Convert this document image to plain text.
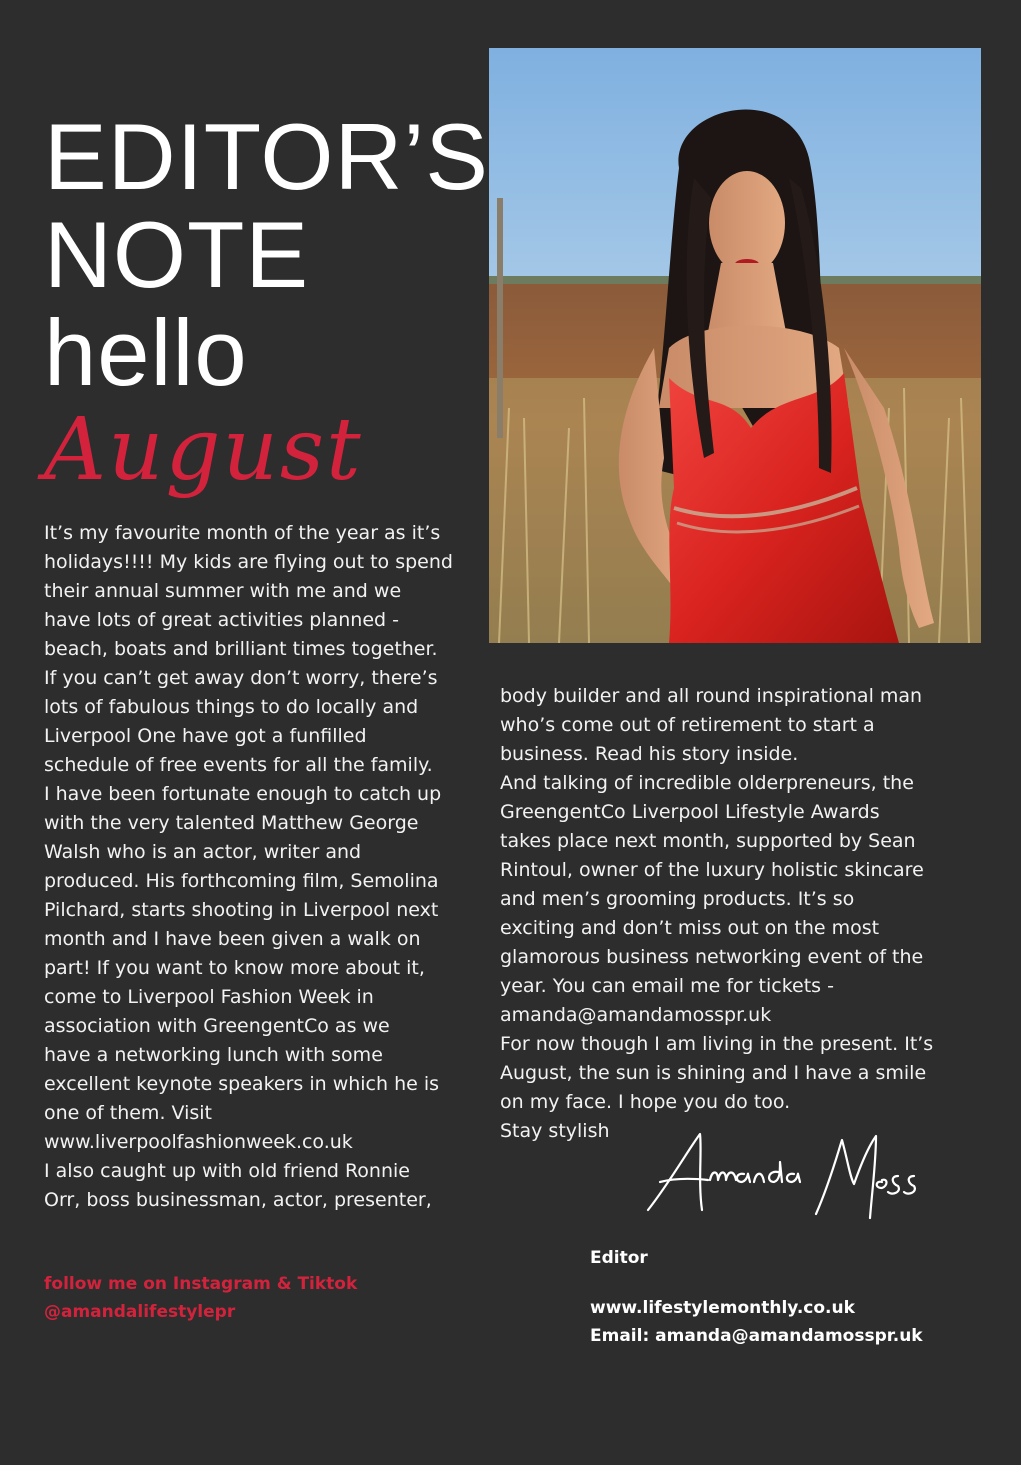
EDITOR’S
NOTE
hello
August

It’s my favourite month of the year as it’s
holidays!!!! My kids are flying out to spend
their annual summer with me and we
have lots of great activities planned -
beach, boats and brilliant times together.
If you can’t get away don’t worry, there’s
lots of fabulous things to do locally and
Liverpool One have got a funfilled
schedule of free events for all the family.
I have been fortunate enough to catch up
with the very talented Matthew George
Walsh who is an actor, writer and
produced. His forthcoming film, Semolina
Pilchard, starts shooting in Liverpool next
month and I have been given a walk on
part! If you want to know more about it,
come to Liverpool Fashion Week in
association with GreengentCo as we
have a networking lunch with some
excellent keynote speakers in which he is
one of them. Visit
www.liverpoolfashionweek.co.uk
I also caught up with old friend Ronnie
Orr, boss businessman, actor, presenter,

body builder and all round inspirational man
who’s come out of retirement to start a
business. Read his story inside.
And talking of incredible olderpreneurs, the
GreengentCo Liverpool Lifestyle Awards
takes place next month, supported by Sean
Rintoul, owner of the luxury holistic skincare
and men’s grooming products. It’s so
exciting and don’t miss out on the most
glamorous business networking event of the
year. You can email me for tickets -
amanda@amandamosspr.uk
For now though I am living in the present. It’s
August, the sun is shining and I have a smile
on my face. I hope you do too.
Stay stylish

follow me on Instagram & Tiktok
@amandalifestylepr
Editor
www.lifestylemonthly.co.uk
Email: amanda@amandamosspr.uk
